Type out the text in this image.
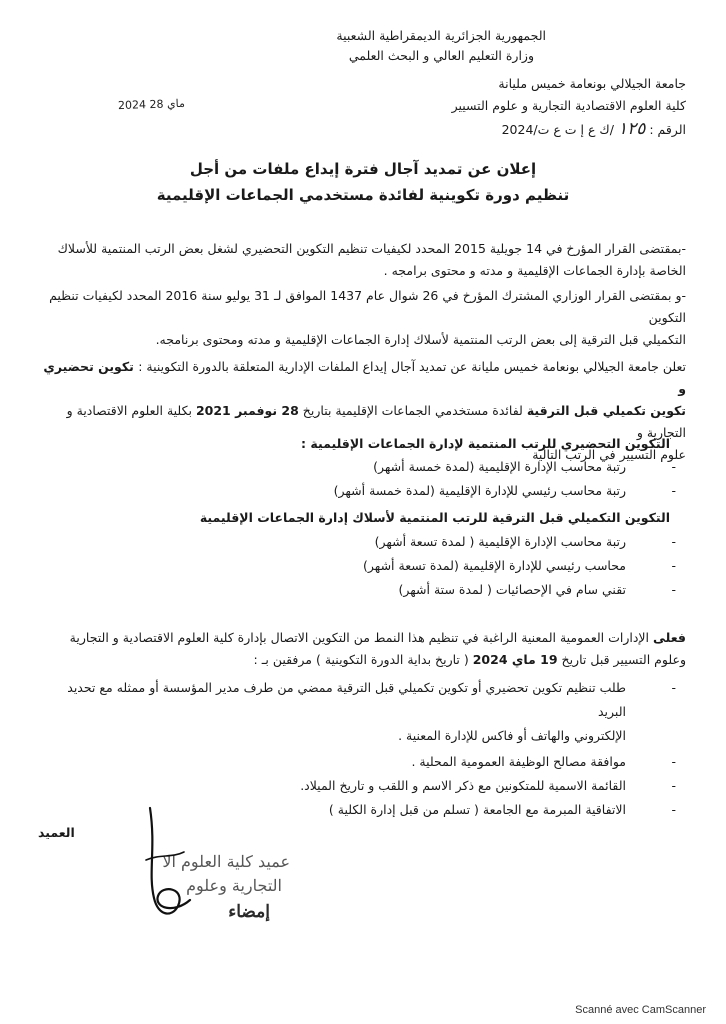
الجمهورية الجزائرية الديمقراطية الشعبية
وزارة التعليم العالي و البحث العلمي
جامعة الجيلالي بونعامة خميس مليانة
كلية العلوم الاقتصادية التجارية و علوم التسيير
الرقم : ١٢٥ /ك ع إ ت ع ت/2024
2024 ماي 28
إعلان عن تمديد آجال فترة إيداع ملفات من أجل
تنظيم دورة تكوينية لفائدة مستخدمي الجماعات الإقليمية
-بمقتضى القرار المؤرخ في 14 جويلية 2015 المحدد لكيفيات تنظيم التكوين التحضيري لشغل بعض الرتب المنتمية للأسلاك
الخاصة بإدارة الجماعات الإقليمية و مدته و محتوى برامجه .
-و بمقتضى القرار الوزاري المشترك المؤرخ في 26 شوال عام 1437 الموافق لـ 31 يوليو سنة 2016 المحدد لكيفيات تنظيم التكوين
التكميلي قبل الترقية إلى بعض الرتب المنتمية لأسلاك إدارة الجماعات الإقليمية و مدته ومحتوى برنامجه.
تعلن جامعة الجيلالي بونعامة خميس مليانة عن تمديد آجال إيداع الملفات الإدارية المتعلقة بالدورة التكوينية : تكوين تحضيري و
تكوين تكميلي قبل الترقية لفائدة مستخدمي الجماعات الإقليمية بتاريخ 28 نوفمبر 2021 بكلية العلوم الاقتصادية و التجارية و
علوم التسيير في الرتب التالية
التكوين التحضيري للرتب المنتمية لإدارة الجماعات الإقليمية :
-
رتبة محاسب الإدارة الإقليمية (لمدة خمسة أشهر)
-
رتبة محاسب رئيسي للإدارة الإقليمية (لمدة خمسة أشهر)
التكوين التكميلي قبل الترقية للرتب المنتمية لأسلاك إدارة الجماعات الإقليمية
-
رتبة محاسب الإدارة الإقليمية ( لمدة تسعة أشهر)
-
محاسب رئيسي للإدارة الإقليمية (لمدة تسعة أشهر)
-
تقني سام في الإحصائيات ( لمدة ستة أشهر)
فعلى الإدارات العمومية المعنية الراغبة في تنظيم هذا النمط من التكوين الاتصال بإدارة كلية العلوم الاقتصادية و التجارية
وعلوم التسيير قبل تاريخ 19 ماي 2024 ( تاريخ بداية الدورة التكوينية ) مرفقين بـ :
-
طلب تنظيم تكوين تحضيري أو تكوين تكميلي قبل الترقية ممضي من طرف مدير المؤسسة أو ممثله مع تحديد البريد
الإلكتروني والهاتف أو فاكس للإدارة المعنية .
-
موافقة مصالح الوظيفة العمومية المحلية .
-
القائمة الاسمية للمتكونين مع ذكر الاسم و اللقب و تاريخ الميلاد.
-
الاتفاقية المبرمة مع الجامعة ( تسلم من قبل إدارة الكلية )
العميد
عميد كلية العلوم الا
التجارية وعلوم
إمضاء
Scanné avec CamScanner
